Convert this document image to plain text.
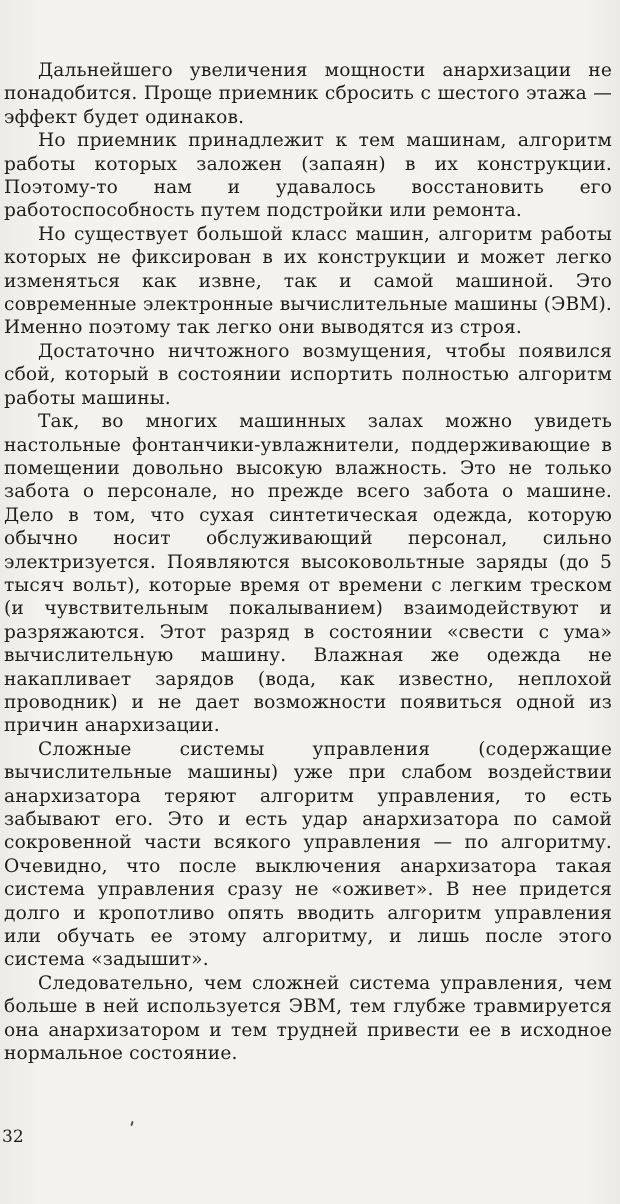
Дальнейшего увеличения мощности анархизации не понадобится. Проще приемник сбросить с шестого этажа — эффект будет одинаков.

Но приемник принадлежит к тем машинам, алгоритм работы которых заложен (запаян) в их конструкции. Поэтому-то нам и удавалось восстановить его работоспособность путем подстройки или ремонта.

Но существует большой класс машин, алгоритм работы которых не фиксирован в их конструкции и может легко изменяться как извне, так и самой машиной. Это современные электронные вычислительные машины (ЭВМ). Именно поэтому так легко они выводятся из строя.

Достаточно ничтожного возмущения, чтобы появился сбой, который в состоянии испортить полностью алгоритм работы машины.

Так, во многих машинных залах можно увидеть настольные фонтанчики-увлажнители, поддерживающие в помещении довольно высокую влажность. Это не только забота о персонале, но прежде всего забота о машине. Дело в том, что сухая синтетическая одежда, которую обычно носит обслуживающий персонал, сильно электризуется. Появляются высоковольтные заряды (до 5 тысяч вольт), которые время от времени с легким треском (и чувствительным покалыванием) взаимодействуют и разряжаются. Этот разряд в состоянии «свести с ума» вычислительную машину. Влажная же одежда не накапливает зарядов (вода, как известно, неплохой проводник) и не дает возможности появиться одной из причин анархизации.

Сложные системы управления (содержащие вычислительные машины) уже при слабом воздействии анархизатора теряют алгоритм управления, то есть забывают его. Это и есть удар анархизатора по самой сокровенной части всякого управления — по алгоритму. Очевидно, что после выключения анархизатора такая система управления сразу не «оживет». В нее придется долго и кропотливо опять вводить алгоритм управления или обучать ее этому алгоритму, и лишь после этого система «задышит».

Следовательно, чем сложней система управления, чем больше в ней используется ЭВМ, тем глубже травмируется она анархизатором и тем трудней привести ее в исходное нормальное состояние.

32
